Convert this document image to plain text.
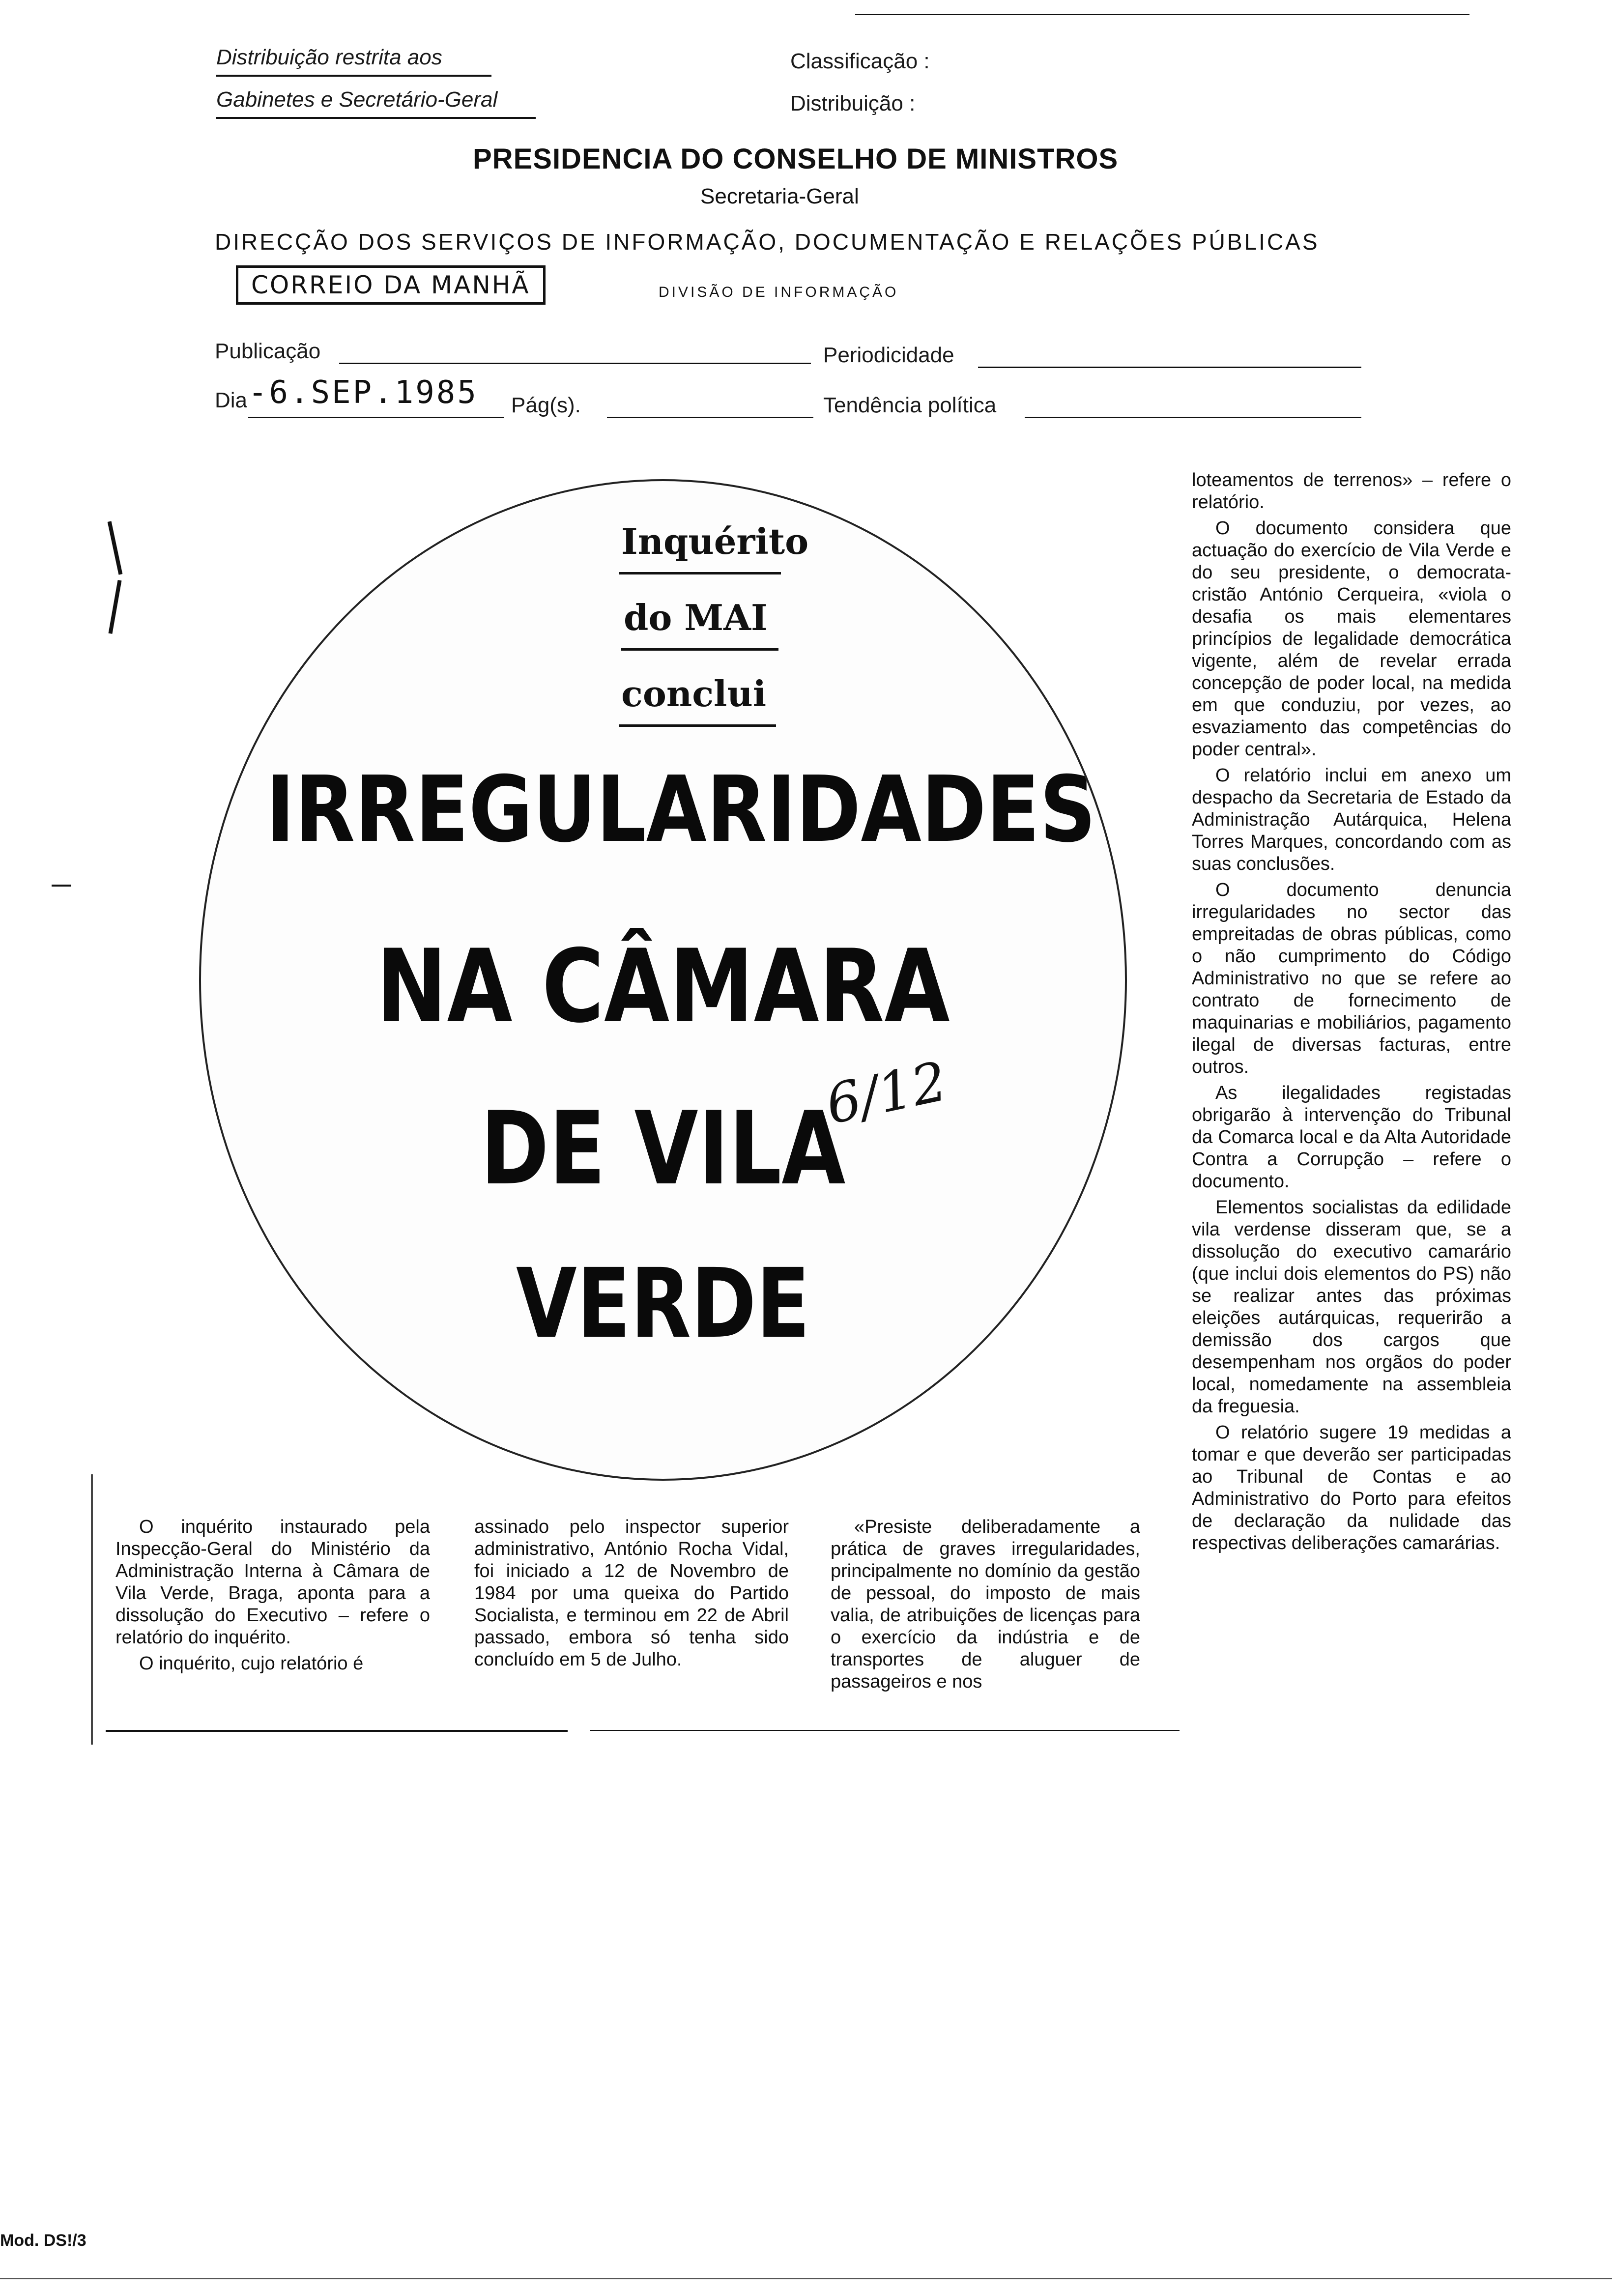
Distribuição restrita aos
Gabinetes e Secretário-Geral
Classificação :
Distribuição :
PRESIDENCIA DO CONSELHO DE MINISTROS
Secretaria-Geral
DIRECÇÃO DOS SERVIÇOS DE INFORMAÇÃO, DOCUMENTAÇÃO E RELAÇÕES PÚBLICAS
CORREIO DA MANHÃ	DIVISÃO DE INFORMAÇÃO
Publicação	Periodicidade
Dia -6.SEP.1985 Pág(s).	Tendência política
Inquérito
do MAI
conclui
IRREGULARIDADES
NA CÂMARA
DE VILA
VERDE
6/12

O inquérito instaurado pela Inspecção-Geral do Ministério da Administração Interna à Câmara de Vila Verde, Braga, aponta para a dissolução do Executivo – refere o relatório do inquérito.

O inquérito, cujo relatório é

assinado pelo inspector superior administrativo, António Rocha Vidal, foi iniciado a 12 de Novembro de 1984 por uma queixa do Partido Socialista, e terminou em 22 de Abril passado, embora só tenha sido concluído em 5 de Julho.

«Presiste deliberadamente a prática de graves irregularidades, principalmente no domínio da gestão de pessoal, do imposto de mais valia, de atribuições de licenças para o exercício da indústria e de transportes de aluguer de passageiros e nos

loteamentos de terrenos» – refere o relatório.

O documento considera que actuação do exercício de Vila Verde e do seu presidente, o democrata-cristão António Cerqueira, «viola o desafia os mais elementares princípios de legalidade democrática vigente, além de revelar errada concepção de poder local, na medida em que conduziu, por vezes, ao esvaziamento das competências do poder central».

O relatório inclui em anexo um despacho da Secretaria de Estado da Administração Autárquica, Helena Torres Marques, concordando com as suas conclusões.

O documento denuncia irregularidades no sector das empreitadas de obras públicas, como o não cumprimento do Código Administrativo no que se refere ao contrato de fornecimento de maquinarias e mobiliários, pagamento ilegal de diversas facturas, entre outros.

As ilegalidades registadas obrigarão à intervenção do Tribunal da Comarca local e da Alta Autoridade Contra a Corrupção – refere o documento.

Elementos socialistas da edilidade vila verdense disseram que, se a dissolução do executivo camarário (que inclui dois elementos do PS) não se realizar antes das próximas eleições autárquicas, requerirão a demissão dos cargos que desempenham nos orgãos do poder local, nomedamente na assembleia da freguesia.

O relatório sugere 19 medidas a tomar e que deverão ser participadas ao Tribunal de Contas e ao Administrativo do Porto para efeitos de declaração da nulidade das respectivas deliberações camarárias.

Mod. DS!/3
